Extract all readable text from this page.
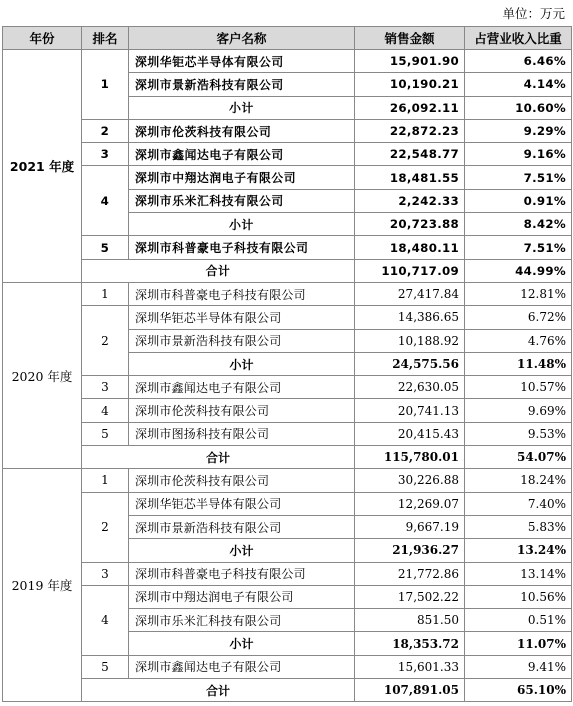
单位：万元
年份	排名	客户名称	销售金额	占营业收入比重
2021 年度	1	深圳华钜芯半导体有限公司	15,901.90	6.46%
		深圳市景新浩科技有限公司	10,190.21	4.14%
		小计	26,092.11	10.60%
	2	深圳市伦茨科技有限公司	22,872.23	9.29%
	3	深圳市鑫闻达电子有限公司	22,548.77	9.16%
	4	深圳市中翔达润电子有限公司	18,481.55	7.51%
		深圳市乐米汇科技有限公司	2,242.33	0.91%
		小计	20,723.88	8.42%
	5	深圳市科普豪电子科技有限公司	18,480.11	7.51%
	合计		110,717.09	44.99%
2020 年度	1	深圳市科普豪电子科技有限公司	27,417.84	12.81%
	2	深圳华钜芯半导体有限公司	14,386.65	6.72%
		深圳市景新浩科技有限公司	10,188.92	4.76%
		小计	24,575.56	11.48%
	3	深圳市鑫闻达电子有限公司	22,630.05	10.57%
	4	深圳市伦茨科技有限公司	20,741.13	9.69%
	5	深圳市图扬科技有限公司	20,415.43	9.53%
	合计		115,780.01	54.07%
2019 年度	1	深圳市伦茨科技有限公司	30,226.88	18.24%
	2	深圳华钜芯半导体有限公司	12,269.07	7.40%
		深圳市景新浩科技有限公司	9,667.19	5.83%
		小计	21,936.27	13.24%
	3	深圳市科普豪电子科技有限公司	21,772.86	13.14%
	4	深圳市中翔达润电子有限公司	17,502.22	10.56%
		深圳市乐米汇科技有限公司	851.50	0.51%
		小计	18,353.72	11.07%
	5	深圳市鑫闻达电子有限公司	15,601.33	9.41%
	合计		107,891.05	65.10%
